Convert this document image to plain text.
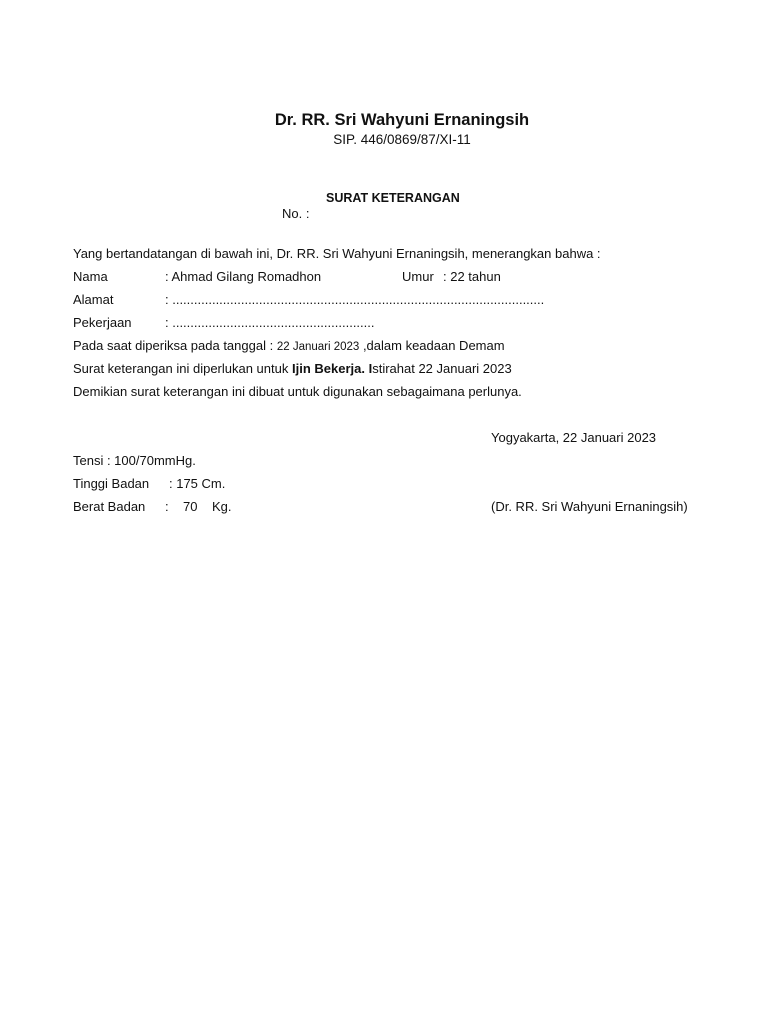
Dr. RR. Sri Wahyuni Ernaningsih
SIP. 446/0869/87/XI-11
SURAT KETERANGAN
No. :
Yang bertandatangan di bawah ini, Dr. RR. Sri Wahyuni Ernaningsih, menerangkan bahwa :
Nama	: Ahmad Gilang Romadhon	Umur : 22 tahun
Alamat	: .......................................................................................................
Pekerjaan	: ........................................................
Pada saat diperiksa pada tanggal : 22 Januari 2023 ,dalam keadaan Demam
Surat keterangan ini diperlukan untuk Ijin Bekerja. Istirahat 22 Januari 2023
Demikian surat keterangan ini dibuat untuk digunakan sebagaimana perlunya.
Yogyakarta, 22 Januari 2023
Tensi : 100/70mmHg.
Tinggi Badan : 175 Cm.
Berat Badan :    70    Kg.	(Dr. RR. Sri Wahyuni Ernaningsih)
